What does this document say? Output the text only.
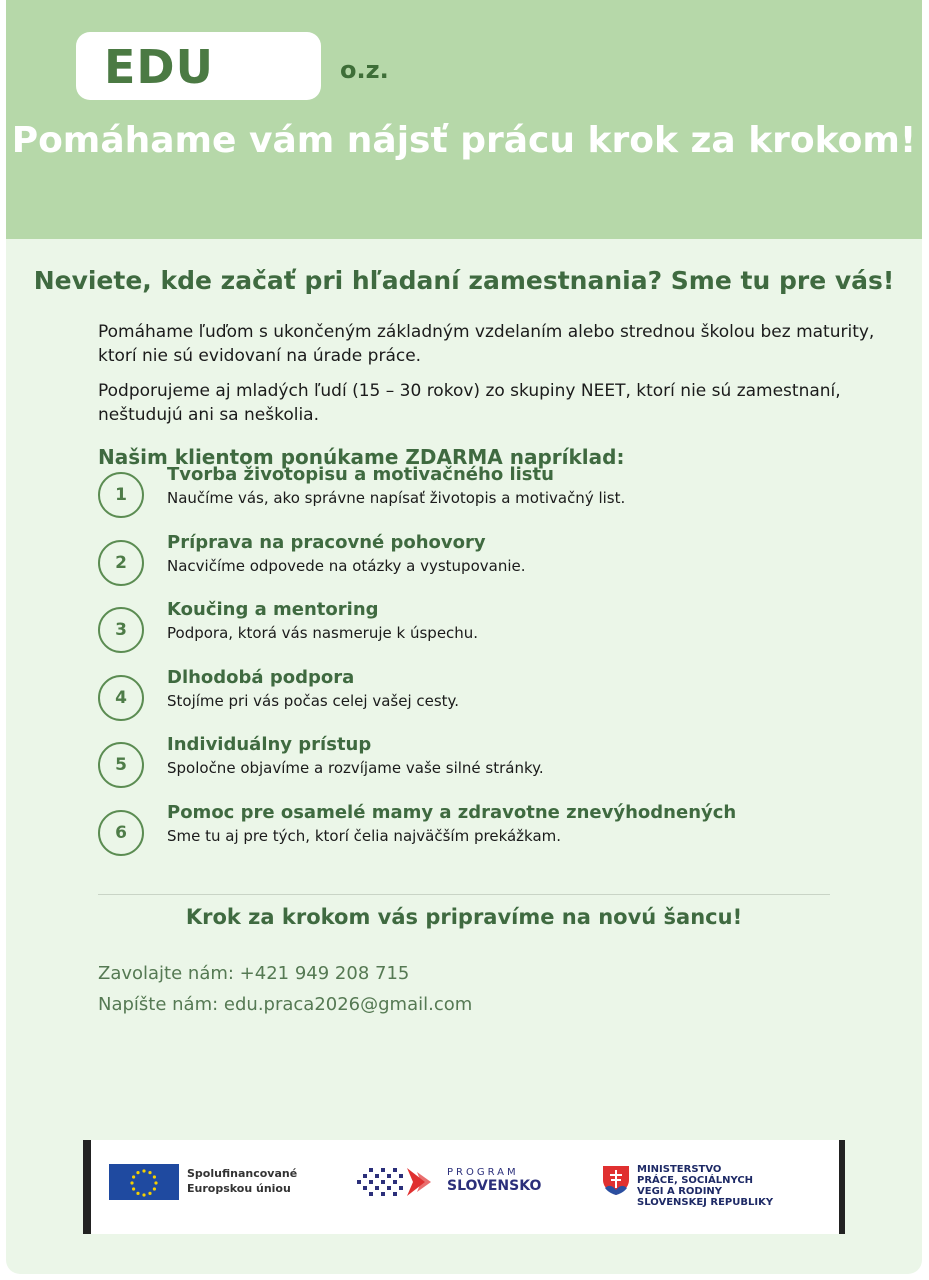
EDU	o.z.
Pomáhame vám nájsť prácu krok za krokom!
Neviete, kde začať pri hľadaní zamestnania? Sme tu pre vás!

Pomáhame ľuďom s ukončeným základným vzdelaním alebo strednou školou bez maturity, ktorí nie sú evidovaní na úrade práce.

Podporujeme aj mladých ľudí (15 – 30 rokov) zo skupiny NEET, ktorí nie sú zamestnaní, neštudujú ani sa neškolia.

Našim klientom ponúkame ZDARMA napríklad:
1
Tvorba životopisu a motivačného listu
Naučíme vás, ako správne napísať životopis a motivačný list.
2
Príprava na pracovné pohovory
Nacvičíme odpovede na otázky a vystupovanie.
3
Koučing a mentoring
Podpora, ktorá vás nasmeruje k úspechu.
4
Dlhodobá podpora
Stojíme pri vás počas celej vašej cesty.
5
Individuálny prístup
Spoločne objavíme a rozvíjame vaše silné stránky.
6
Pomoc pre osamelé mamy a zdravotne znevýhodnených
Sme tu aj pre tých, ktorí čelia najväčším prekážkam.
Krok za krokom vás pripravíme na novú šancu!
Zavolajte nám: +421 949 208 715
Napíšte nám: edu.praca2026@gmail.com
Spolufinancované
Europskou úniou
PROGRAM
SLOVENSKO
MINISTERSTVO
PRÁCE, SOCIÁLNYCH
VEGI A RODINY
SLOVENSKEJ REPUBLIKY
